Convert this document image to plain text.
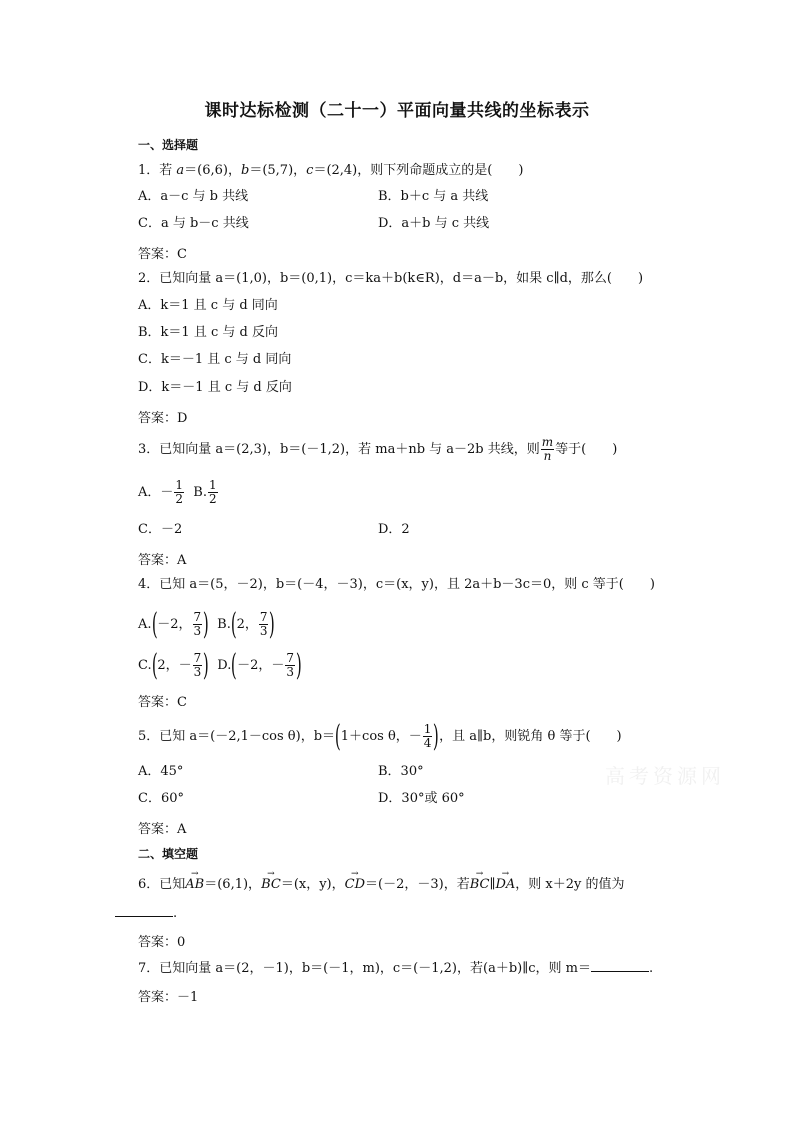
课时达标检测（二十一）平面向量共线的坐标表示
一、选择题
1．若 a＝(6,6)，b＝(5,7)，c＝(2,4)，则下列命题成立的是(　　)
A．a－c 与 b 共线	B．b＋c 与 a 共线
C．a 与 b－c 共线	D．a＋b 与 c 共线
答案：C
2．已知向量 a＝(1,0)，b＝(0,1)，c＝ka＋b(k∈R)，d＝a－b，如果 c∥d，那么(　　)
A．k＝1 且 c 与 d 同向
B．k＝1 且 c 与 d 反向
C．k＝－1 且 c 与 d 同向
D．k＝－1 且 c 与 d 反向
答案：D
3．已知向量 a＝(2,3)，b＝(－1,2)，若 ma＋nb 与 a－2b 共线，则 $\frac{m}{n}$ 等于(　　)
A．－ $\frac{1}{2} B$. $\frac{1}{2}$
C．－2	D．2
答案：A
4．已知 a＝(5，－2)，b＝(－4，－3)，c＝(x，y)，且 2a＋b－3c＝0，则 c 等于(　　)
A.(－2， $\frac{7}{3}$ ) B.(2， $\frac{7}{3}$ )
C.(2，－ $\frac{7}{3}$ ) D.(－2，－ $\frac{7}{3}$ )
答案：C
5．已知 a＝(－2,1－cos θ)，b＝(1＋cos θ，－ $\frac{1}{4}$ )，且 a∥b，则锐角 θ 等于(　　)
A．45°	B．30°
C．60°	D．30°或 60°
答案：A
二、填空题
6．已知→ AB＝(6,1)，→ BC＝(x，y)，→ CD＝(－2，－3)，若→ BC∥→ DA，则 x＋2y 的值为
.
答案：0
7．已知向量 a＝(2，－1)，b＝(－1，m)，c＝(－1,2)，若(a＋b)∥c，则 m＝	.
答案：－1
高考资源网
